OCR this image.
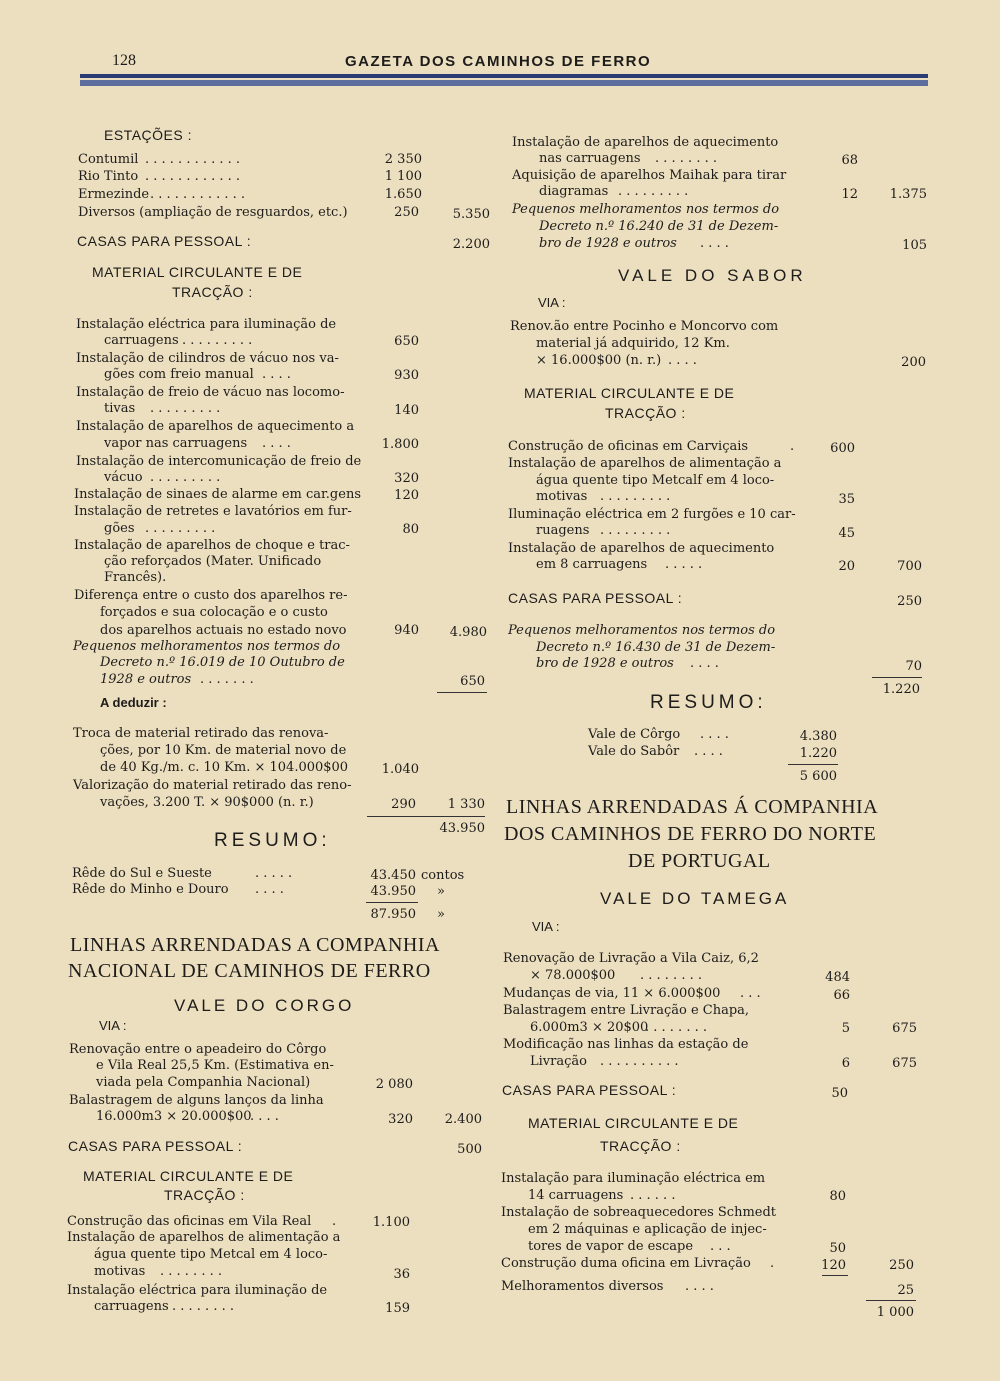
128	GAZETA DOS CAMINHOS DE FERRO
ESTAÇÕES :
Contumil . . . . . . . . . . . .	2 350
Rio Tinto . . . . . . . . . . . .	1 100
Ermezinde . . . . . . . . . . . .	1.650
Diversos (ampliação de resguardos, etc.)	250	5.350
CASAS PARA PESSOAL :	2.200
MATERIAL CIRCULANTE E DE
TRACÇÃO :
Instalação eléctrica para iluminação de
carruagens . . . . . . . . .	650
Instalação de cilindros de vácuo nos va-
gões com freio manual . . . .	930
Instalação de freio de vácuo nas locomo-
tivas . . . . . . . . .	140
Instalação de aparelhos de aquecimento a
vapor nas carruagens . . . .	1.800
Instalação de intercomunicação de freio de
vácuo . . . . . . . . .	320
Instalação de sinaes de alarme em car.gens	120
Instalação de retretes e lavatórios em fur-
gões . . . . . . . . .	80
Instalação de aparelhos de choque e trac-
ção reforçados (Mater. Unificado
Francês).
Diferença entre o custo dos aparelhos re-
forçados e sua colocação e o custo
dos aparelhos actuais no estado novo	940	4.980
Pequenos melhoramentos nos termos do
Decreto n.º 16.019 de 10 Outubro de
1928 e outros . . . . . . .	650
A deduzir :
Troca de material retirado das renova-
ções, por 10 Km. de material novo de
de 40 Kg./m. c. 10 Km. × 104.000$00	1.040
Valorização do material retirado das reno-
vações, 3.200 T. × 90$000 (n. r.)	290	1 330
43.950
RESUMO:
Rêde do Sul e Sueste	. . . . .	43.450 contos
Rêde do Minho e Douro . . . .	43.950 »
87.950 »
LINHAS ARRENDADAS A COMPANHIA
NACIONAL DE CAMINHOS DE FERRO
VALE DO CORGO
VIA :
Renovação entre o apeadeiro do Côrgo
e Vila Real 25,5 Km. (Estimativa en-
viada pela Companhia Nacional)	2 080
Balastragem de alguns lanços da linha
16.000m3 × 20.000$00
. . . .	320	2.400
CASAS PARA PESSOAL :	500
MATERIAL CIRCULANTE E DE
TRACÇÃO :
Construção das oficinas em Vila Real .	1.100
Instalação de aparelhos de alimentação a
água quente tipo Metcal em 4 loco-
motivas . . . . . . . .	36
Instalação eléctrica para iluminação de
carruagens . . . . . . . .	159
Instalação de aparelhos de aquecimento
nas carruagens . . . . . . . .	68
Aquisição de aparelhos Maihak para tirar
diagramas . . . . . . . . .	12	1.375
Pequenos melhoramentos nos termos do
Decreto n.º 16.240 de 31 de Dezem-
bro de 1928 e outros . . . .	105
VALE DO SABOR
VIA :
Renov.ão entre Pocinho e Moncorvo com
material já adquirido, 12 Km.
× 16.000$00 (n. r.) . . . .	200
MATERIAL CIRCULANTE E DE
TRACÇÃO :
Construção de oficinas em Carviçais	.	600
Instalação de aparelhos de alimentação a
água quente tipo Metcalf em 4 loco-
motivas . . . . . . . . .	35
Iluminação eléctrica em 2 furgões e 10 car-
ruagens . . . . . . . . .	45
Instalação de aparelhos de aquecimento
em 8 carruagens . . . . .	20	700
CASAS PARA PESSOAL :	250
Pequenos melhoramentos nos termos do
Decreto n.º 16.430 de 31 de Dezem-
bro de 1928 e outros . . . .	70
1.220
RESUMO:
Vale de Côrgo . . . .	4.380
Vale do Sabôr . . . .	1.220
5 600
LINHAS ARRENDADAS Á COMPANHIA
DOS CAMINHOS DE FERRO DO NORTE
DE PORTUGAL
VALE DO TAMEGA
VIA :
Renovação de Livração a Vila Caiz, 6,2
× 78.000$00 . . . . . . . .	484
Mudanças de via, 11 × 6.000$00 . . .	66
Balastragem entre Livração e Chapa,
6.000m3 × 20$00
. . . . . . . .	5	675
Modificação nas linhas da estação de
Livração . . . . . . . . . .	6	675
CASAS PARA PESSOAL :	50
MATERIAL CIRCULANTE E DE
TRACÇÃO :
Instalação para iluminação eléctrica em
14 carruagens . . . . . .	80
Instalação de sobreaquecedores Schmedt
em 2 máquinas e aplicação de injec-
tores de vapor de escape . . .	50
Construção duma oficina em Livração .	120	250
Melhoramentos diversos . . . .	25
1 000
